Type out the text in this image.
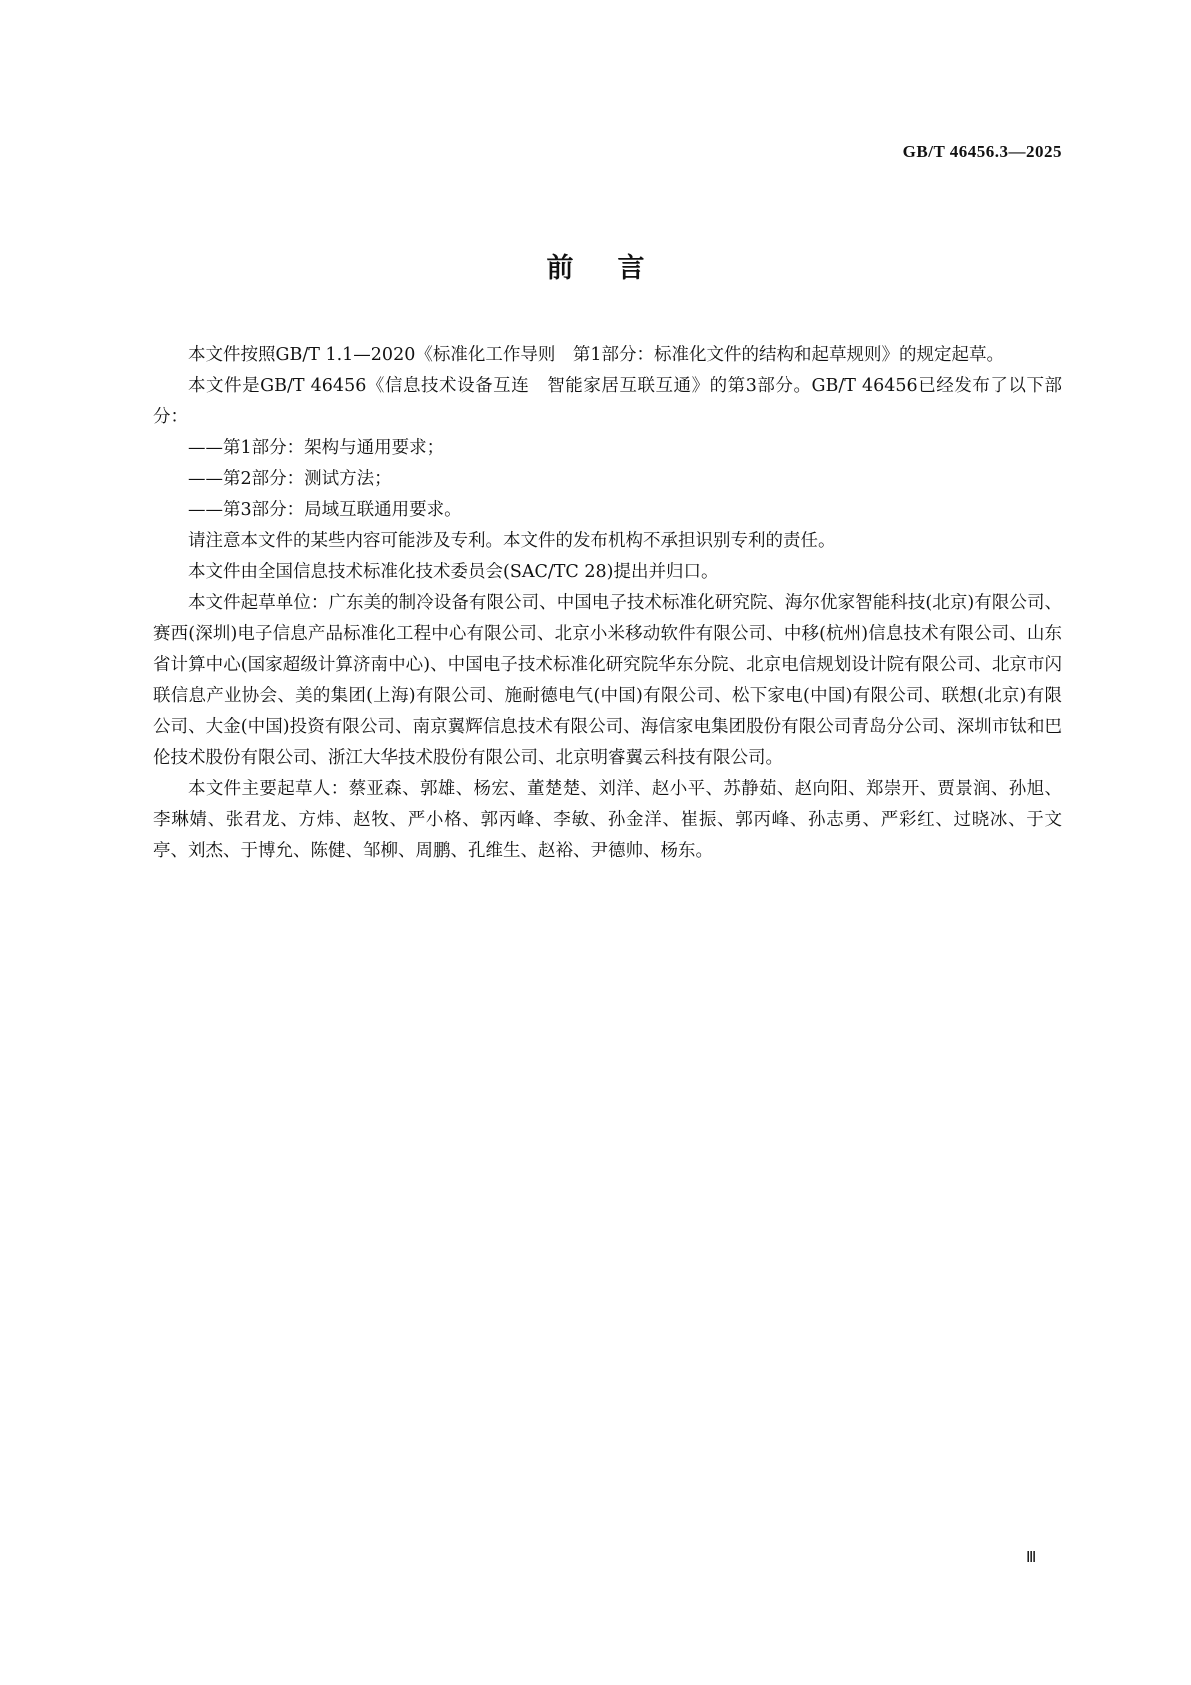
GB/T 46456.3—2025
前言

本文件按照GB/T 1.1—2020《标准化工作导则　第1部分：标准化文件的结构和起草规则》的规定起草。

本文件是GB/T 46456《信息技术设备互连　智能家居互联互通》的第3部分。GB/T 46456已经发布了以下部分：

——第1部分：架构与通用要求；

——第2部分：测试方法；

——第3部分：局域互联通用要求。

请注意本文件的某些内容可能涉及专利。本文件的发布机构不承担识别专利的责任。

本文件由全国信息技术标准化技术委员会(SAC/TC 28)提出并归口。

本文件起草单位：广东美的制冷设备有限公司、中国电子技术标准化研究院、海尔优家智能科技(北京)有限公司、赛西(深圳)电子信息产品标准化工程中心有限公司、北京小米移动软件有限公司、中移(杭州)信息技术有限公司、山东省计算中心(国家超级计算济南中心)、中国电子技术标准化研究院华东分院、北京电信规划设计院有限公司、北京市闪联信息产业协会、美的集团(上海)有限公司、施耐德电气(中国)有限公司、松下家电(中国)有限公司、联想(北京)有限公司、大金(中国)投资有限公司、南京翼辉信息技术有限公司、海信家电集团股份有限公司青岛分公司、深圳市钛和巴伦技术股份有限公司、浙江大华技术股份有限公司、北京明睿翼云科技有限公司。

本文件主要起草人：蔡亚森、郭雄、杨宏、董楚楚、刘洋、赵小平、苏静茹、赵向阳、郑崇开、贾景润、孙旭、李琳婧、张君龙、方炜、赵牧、严小格、郭丙峰、李敏、孙金洋、崔振、郭丙峰、孙志勇、严彩红、过晓冰、于文亭、刘杰、于博允、陈健、邹柳、周鹏、孔维生、赵裕、尹德帅、杨东。

Ⅲ
